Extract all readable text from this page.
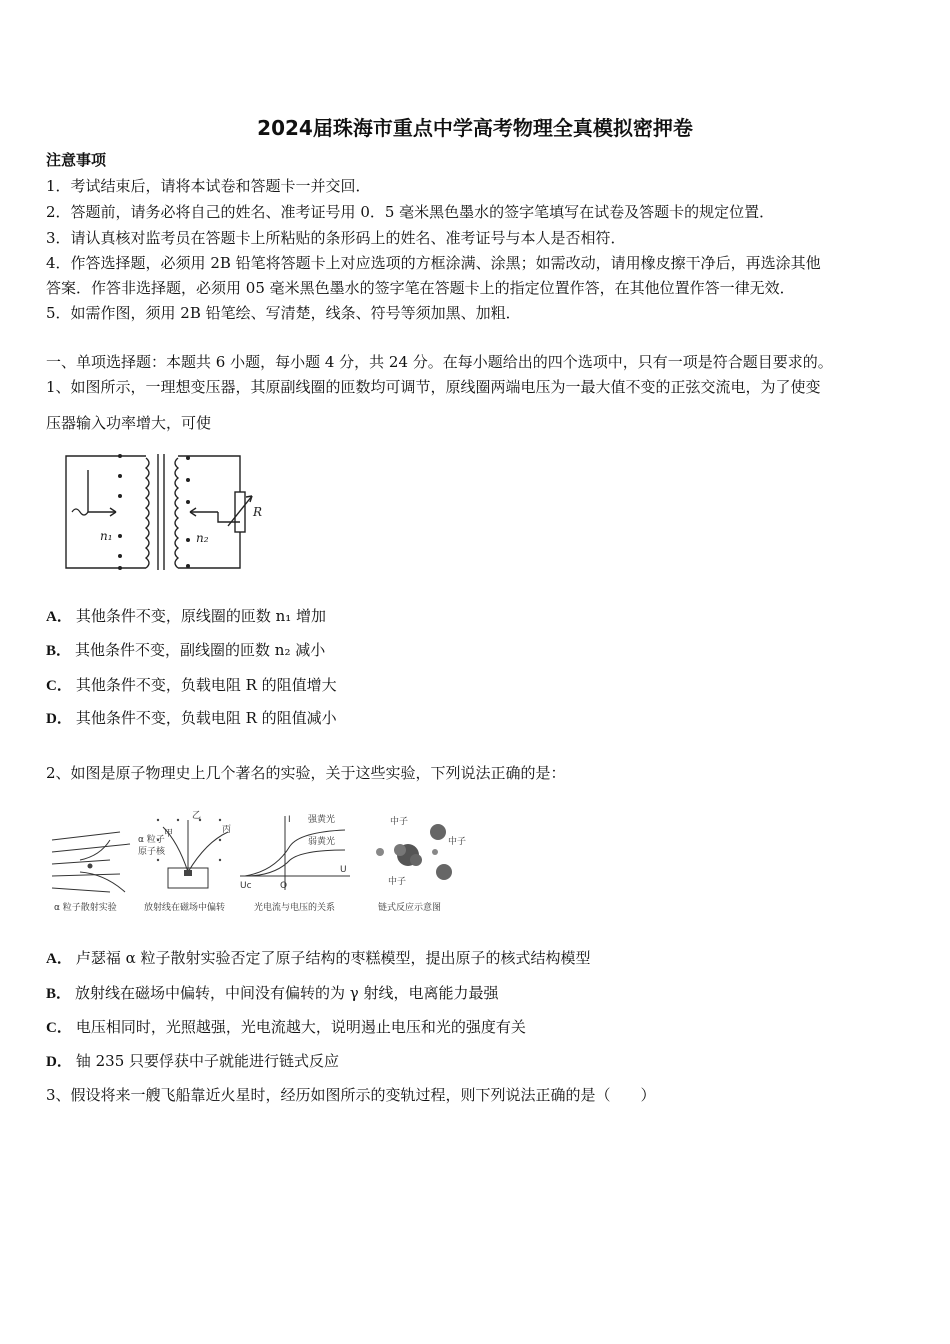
2024届珠海市重点中学高考物理全真模拟密押卷
注意事项
1．考试结束后，请将本试卷和答题卡一并交回．
2．答题前，请务必将自己的姓名、准考证号用 0．5 毫米黑色墨水的签字笔填写在试卷及答题卡的规定位置．
3．请认真核对监考员在答题卡上所粘贴的条形码上的姓名、准考证号与本人是否相符．
4．作答选择题，必须用 2B 铅笔将答题卡上对应选项的方框涂满、涂黑；如需改动，请用橡皮擦干净后，再选涂其他
答案．作答非选择题，必须用 05 毫米黑色墨水的签字笔在答题卡上的指定位置作答，在其他位置作答一律无效．
5．如需作图，须用 2B 铅笔绘、写清楚，线条、符号等须加黑、加粗．
一、单项选择题：本题共 6 小题，每小题 4 分，共 24 分。在每小题给出的四个选项中，只有一项是符合题目要求的。
1、如图所示，一理想变压器，其原副线圈的匝数均可调节，原线圈两端电压为一最大值不变的正弦交流电，为了使变
压器输入功率增大，可使
n₁	n₂
R
A． 其他条件不变，原线圈的匝数 n₁ 增加
B． 其他条件不变，副线圈的匝数 n₂ 减小
C． 其他条件不变，负载电阻 R 的阻值增大
D． 其他条件不变，负载电阻 R 的阻值减小
2、如图是原子物理史上几个著名的实验，关于这些实验，下列说法正确的是：
α 粒子
原子核
甲
乙
丙
强黄光
弱黄光
I
U
O
Uc
中子
中子
中子
α 粒子散射实验	放射线在磁场中偏转	光电流与电压的关系	链式反应示意图
A． 卢瑟福 α 粒子散射实验否定了原子结构的枣糕模型，提出原子的核式结构模型
B． 放射线在磁场中偏转，中间没有偏转的为 γ 射线，电离能力最强
C． 电压相同时，光照越强，光电流越大，说明遏止电压和光的强度有关
D． 铀 235 只要俘获中子就能进行链式反应
3、假设将来一艘飞船靠近火星时，经历如图所示的变轨过程，则下列说法正确的是（　　）
